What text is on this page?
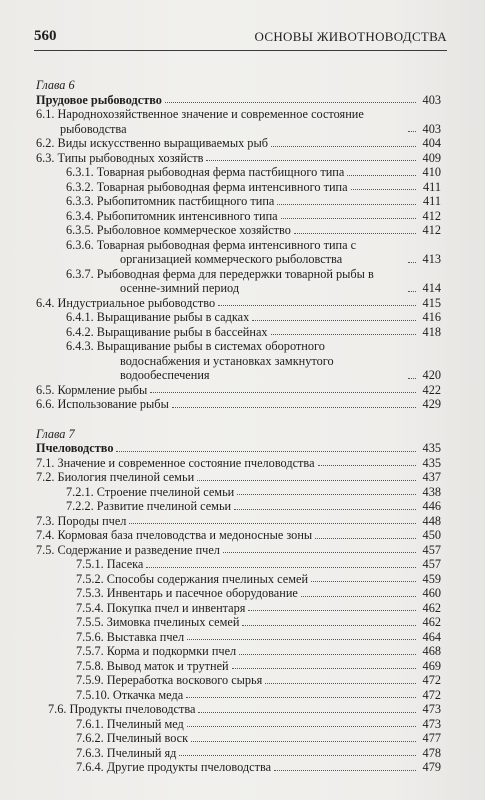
560	ОСНОВЫ ЖИВОТНОВОДСТВА
Глава 6
Прудовое рыбоводство	403
6.1. Народнохозяйственное значение и современное состояние рыбоводства	403
6.2. Виды искусственно выращиваемых рыб	404
6.3. Типы рыбоводных хозяйств	409
6.3.1. Товарная рыбоводная ферма пастбищного типа	410
6.3.2. Товарная рыбоводная ферма интенсивного типа	411
6.3.3. Рыбопитомник пастбищного типа	411
6.3.4. Рыбопитомник интенсивного типа	412
6.3.5. Рыболовное коммерческое хозяйство	412
6.3.6. Товарная рыбоводная ферма интенсивного типа с организацией коммерческого рыболовства	413
6.3.7. Рыбоводная ферма для передержки товарной рыбы в осенне-зимний период	414
6.4. Индустриальное рыбоводство	415
6.4.1. Выращивание рыбы в садках	416
6.4.2. Выращивание рыбы в бассейнах	418
6.4.3. Выращивание рыбы в системах оборотного водоснабжения и установках замкнутого водообеспечения	420
6.5. Кормление рыбы	422
6.6. Использование рыбы	429
Глава 7
Пчеловодство	435
7.1. Значение и современное состояние пчеловодства	435
7.2. Биология пчелиной семьи	437
7.2.1. Строение пчелиной семьи	438
7.2.2. Развитие пчелиной семьи	446
7.3. Породы пчел	448
7.4. Кормовая база пчеловодства и медоносные зоны	450
7.5. Содержание и разведение пчел	457
7.5.1. Пасека	457
7.5.2. Способы содержания пчелиных семей	459
7.5.3. Инвентарь и пасечное оборудование	460
7.5.4. Покупка пчел и инвентаря	462
7.5.5. Зимовка пчелиных семей	462
7.5.6. Выставка пчел	464
7.5.7. Корма и подкормки пчел	468
7.5.8. Вывод маток и трутней	469
7.5.9. Переработка воскового сырья	472
7.5.10. Откачка меда	472
7.6. Продукты пчеловодства	473
7.6.1. Пчелиный мед	473
7.6.2. Пчелиный воск	477
7.6.3. Пчелиный яд	478
7.6.4. Другие продукты пчеловодства	479
